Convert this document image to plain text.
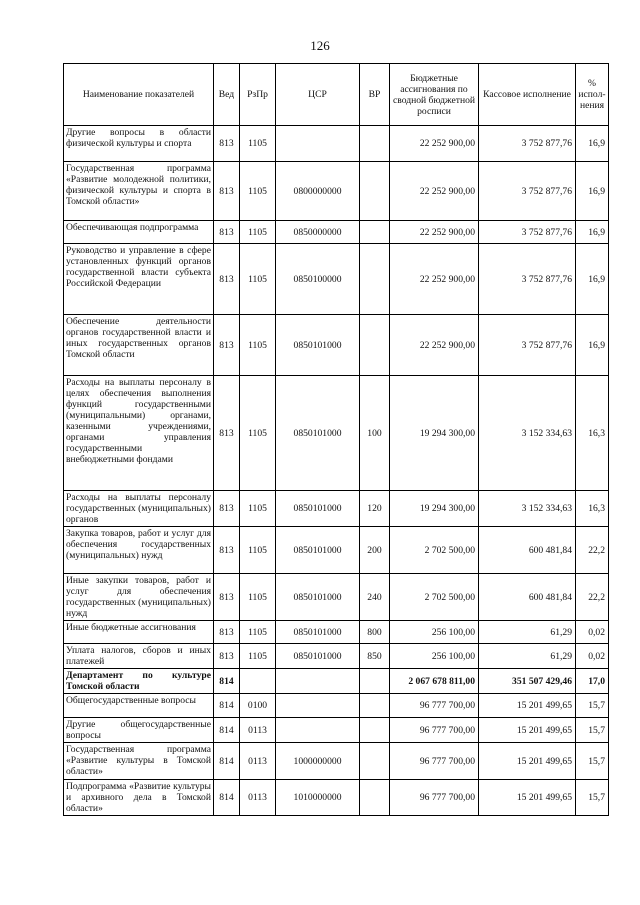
126
Наименование показателей	Вед	РзПр	ЦСР	ВР	Бюджетные ассигнования по сводной бюджетной росписи	Кассовое исполнение	% испол-нения
Другие вопросы в области физической культуры и спорта	813	1105			22 252 900,00	3 752 877,76	16,9
Государственная программа «Развитие молодежной политики, физической культуры и спорта в Томской области»	813	1105	0800000000		22 252 900,00	3 752 877,76	16,9
Обеспечивающая подпрограмма	813	1105	0850000000		22 252 900,00	3 752 877,76	16,9
Руководство и управление в сфере установленных функций органов государственной власти субъекта Российской Федерации	813	1105	0850100000		22 252 900,00	3 752 877,76	16,9
Обеспечение деятельности органов государственной власти и иных государственных органов Томской области	813	1105	0850101000		22 252 900,00	3 752 877,76	16,9
Расходы на выплаты персоналу в целях обеспечения выполнения функций государственными (муниципальными) органами, казенными учреждениями, органами управления государственными внебюджетными фондами	813	1105	0850101000	100	19 294 300,00	3 152 334,63	16,3
Расходы на выплаты персоналу государственных (муниципальных) органов	813	1105	0850101000	120	19 294 300,00	3 152 334,63	16,3
Закупка товаров, работ и услуг для обеспечения государственных (муниципальных) нужд	813	1105	0850101000	200	2 702 500,00	600 481,84	22,2
Иные закупки товаров, работ и услуг для обеспечения государственных (муниципальных) нужд	813	1105	0850101000	240	2 702 500,00	600 481,84	22,2
Иные бюджетные ассигнования	813	1105	0850101000	800	256 100,00	61,29	0,02
Уплата налогов, сборов и иных платежей	813	1105	0850101000	850	256 100,00	61,29	0,02
Департамент по культуре Томской области	814				2 067 678 811,00	351 507 429,46	17,0
Общегосударственные вопросы	814	0100			96 777 700,00	15 201 499,65	15,7
Другие общегосударственные вопросы	814	0113			96 777 700,00	15 201 499,65	15,7
Государственная программа «Развитие культуры в Томской области»	814	0113	1000000000		96 777 700,00	15 201 499,65	15,7
Подпрограмма «Развитие культуры и архивного дела в Томской области»	814	0113	1010000000		96 777 700,00	15 201 499,65	15,7
